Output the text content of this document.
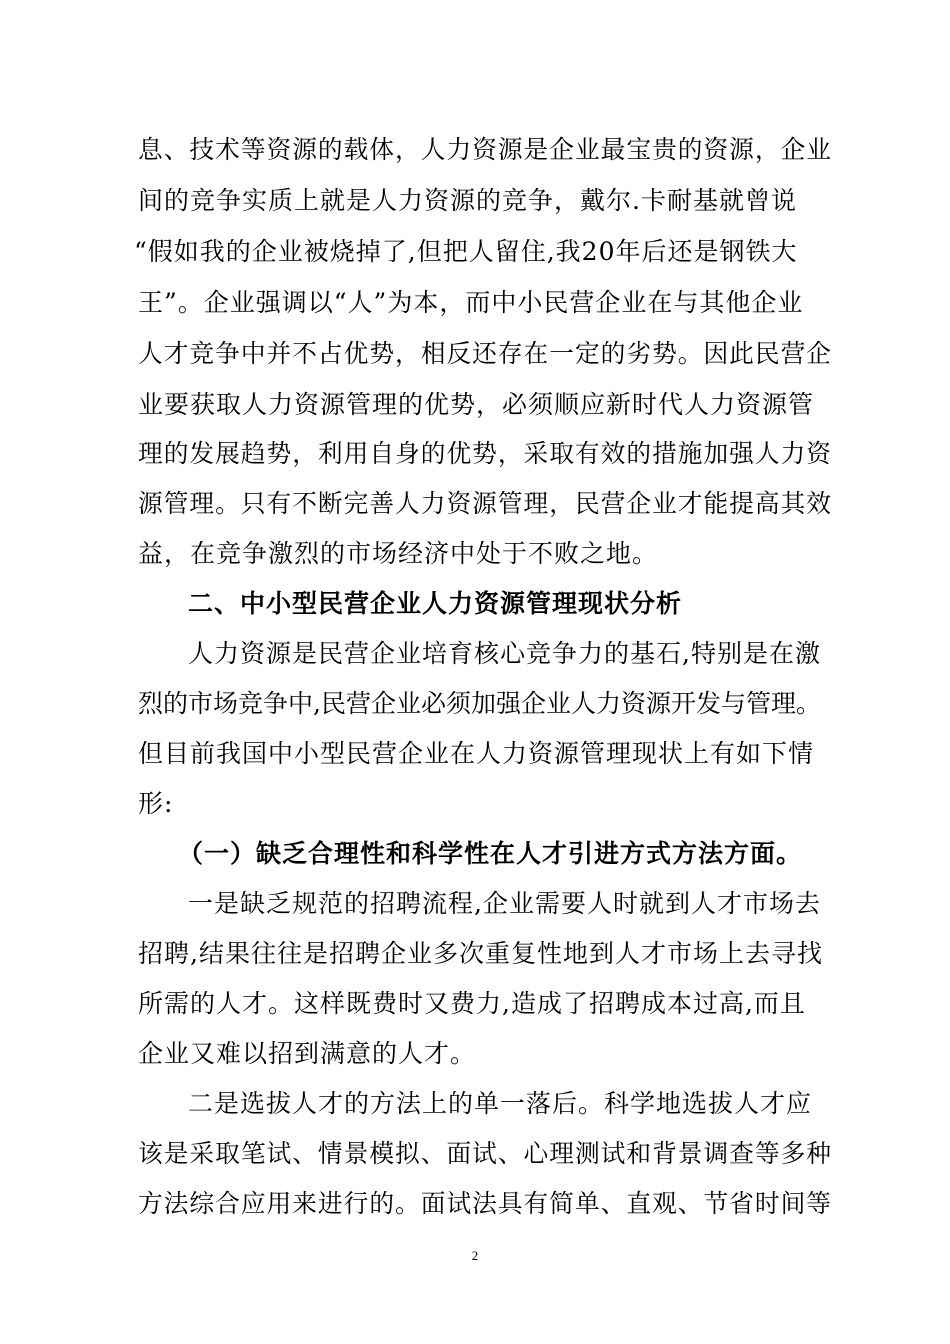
息、技术等资源的载体，人力资源是企业最宝贵的资源，企业
间的竞争实质上就是人力资源的竞争，戴尔.卡耐基就曾说
“假如我的企业被烧掉了,但把人留住,我20年后还是钢铁大
王”。企业强调以“人”为本，而中小民营企业在与其他企业
人才竞争中并不占优势，相反还存在一定的劣势。因此民营企
业要获取人力资源管理的优势，必须顺应新时代人力资源管
理的发展趋势，利用自身的优势，采取有效的措施加强人力资
源管理。只有不断完善人力资源管理，民营企业才能提高其效
益，在竞争激烈的市场经济中处于不败之地。
二、中小型民营企业人力资源管理现状分析
人力资源是民营企业培育核心竞争力的基石,特别是在激
烈的市场竞争中,民营企业必须加强企业人力资源开发与管理。
但目前我国中小型民营企业在人力资源管理现状上有如下情
形:
（一）缺乏合理性和科学性在人才引进方式方法方面。
一是缺乏规范的招聘流程,企业需要人时就到人才市场去
招聘,结果往往是招聘企业多次重复性地到人才市场上去寻找
所需的人才。这样既费时又费力,造成了招聘成本过高,而且
企业又难以招到满意的人才。
二是选拔人才的方法上的单一落后。科学地选拔人才应
该是采取笔试、情景模拟、面试、心理测试和背景调查等多种
方法综合应用来进行的。面试法具有简单、直观、节省时间等
2
